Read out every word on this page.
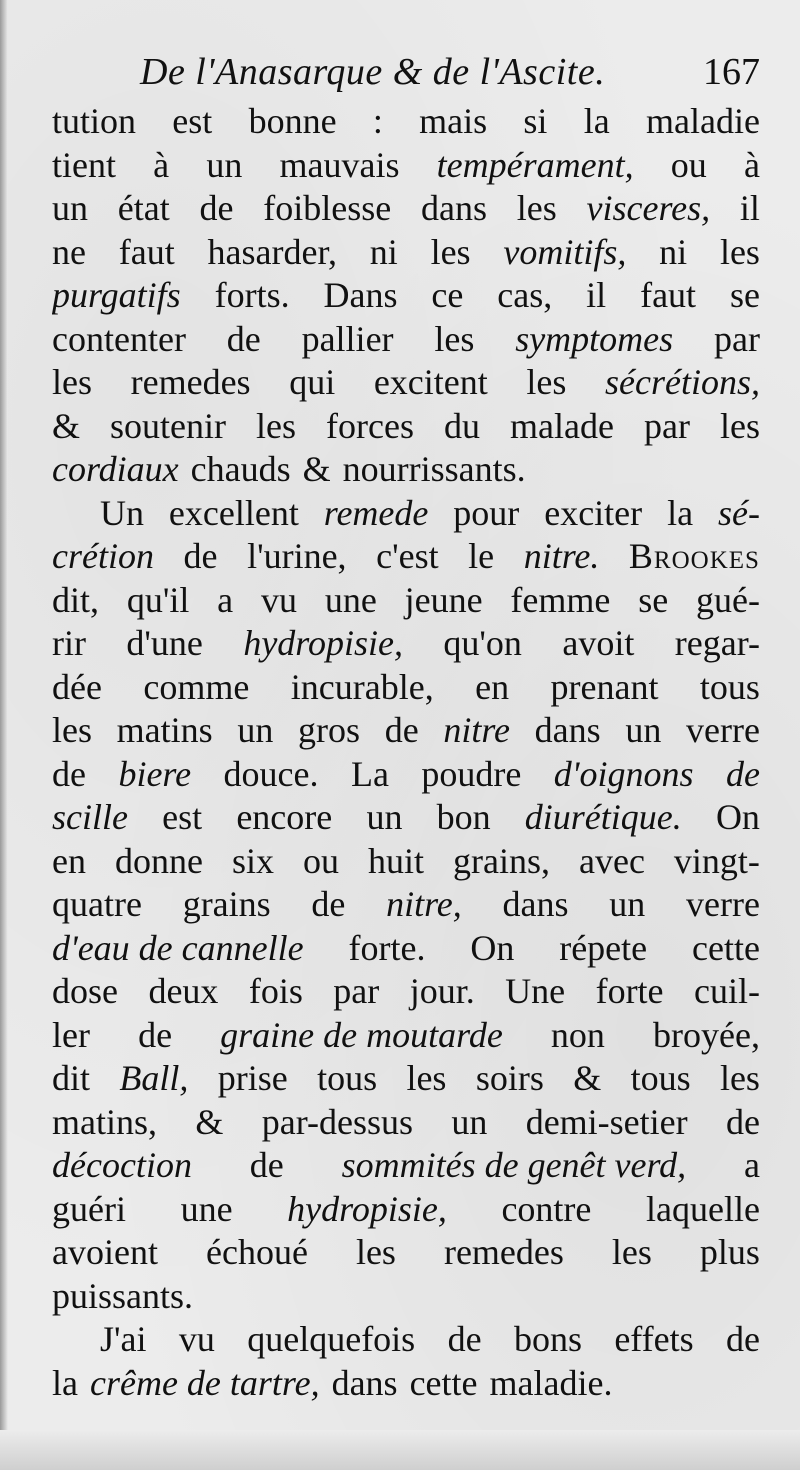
De l'Anasarque & de l'Ascite.	167
tution est bonne : mais si la maladie
tient à un mauvais tempérament, ou à
un état de foiblesse dans les visceres, il
ne faut hasarder, ni les vomitifs, ni les
purgatifs forts. Dans ce cas, il faut se
contenter de pallier les symptomes par
les remedes qui excitent les sécrétions,
& soutenir les forces du malade par les
cordiaux chauds & nourrissants.
Un excellent remede pour exciter la sé-
crétion de l'urine, c'est le nitre. Brookes
dit, qu'il a vu une jeune femme se gué-
rir d'une hydropisie, qu'on avoit regar-
dée comme incurable, en prenant tous
les matins un gros de nitre dans un verre
de biere douce. La poudre d'oignons de
scille est encore un bon diurétique. On
en donne six ou huit grains, avec vingt-
quatre grains de nitre, dans un verre
d'eau de cannelle forte. On répete cette
dose deux fois par jour. Une forte cuil-
ler de graine de moutarde non broyée,
dit Ball, prise tous les soirs & tous les
matins, & par-dessus un demi-setier de
décoction de sommités de genêt verd, a
guéri une hydropisie, contre laquelle
avoient échoué les remedes les plus
puissants.
J'ai vu quelquefois de bons effets de
la crême de tartre, dans cette maladie.
